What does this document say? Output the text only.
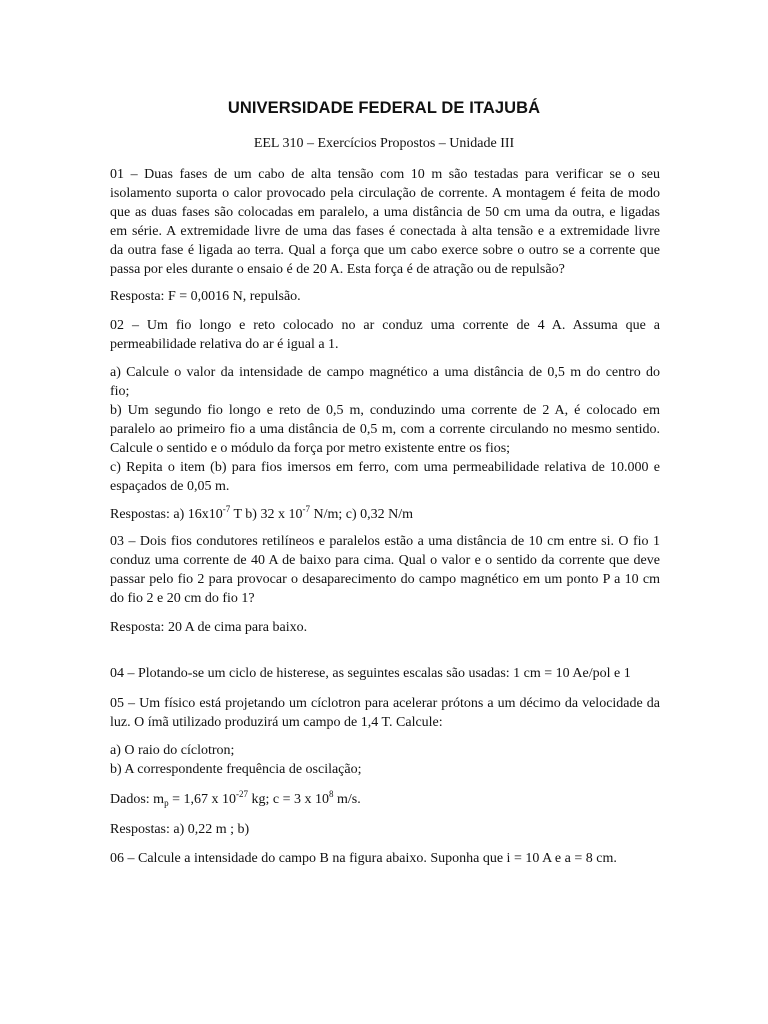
UNIVERSIDADE FEDERAL DE ITAJUBÁ
EEL 310 – Exercícios Propostos – Unidade III
01 – Duas fases de um cabo de alta tensão com 10 m são testadas para verificar se o seu
isolamento suporta o calor provocado pela circulação de corrente. A montagem é feita de modo
que as duas fases são colocadas em paralelo, a uma distância de 50 cm uma da outra, e ligadas
em série. A extremidade livre de uma das fases é conectada à alta tensão e a extremidade livre
da outra fase é ligada ao terra. Qual a força que um cabo exerce sobre o outro se a corrente que
passa por eles durante o ensaio é de 20 A. Esta força é de atração ou de repulsão?
Resposta: F = 0,0016 N, repulsão.
02 – Um fio longo e reto colocado no ar conduz uma corrente de 4 A. Assuma que a
permeabilidade relativa do ar é igual a 1.
a) Calcule o valor da intensidade de campo magnético a uma distância de 0,5 m do centro do
fio;
b) Um segundo fio longo e reto de 0,5 m, conduzindo uma corrente de 2 A, é colocado em
paralelo ao primeiro fio a uma distância de 0,5 m, com a corrente circulando no mesmo sentido.
Calcule o sentido e o módulo da força por metro existente entre os fios;
c) Repita o item (b) para fios imersos em ferro, com uma permeabilidade relativa de 10.000 e
espaçados de 0,05 m.
Respostas: a) $16x10^{-7}$ T b) 32 x $10^{-7}$ N/m; c) 0,32 N/m
03 – Dois fios condutores retilíneos e paralelos estão a uma distância de 10 cm entre si. O fio 1
conduz uma corrente de 40 A de baixo para cima. Qual o valor e o sentido da corrente que deve
passar pelo fio 2 para provocar o desaparecimento do campo magnético em um ponto P a 10 cm
do fio 2 e 20 cm do fio 1?
Resposta: 20 A de cima para baixo.
04 – Plotando-se um ciclo de histerese, as seguintes escalas são usadas: 1 cm = 10 Ae/pol e 1
05 – Um físico está projetando um cíclotron para acelerar prótons a um décimo da velocidade da
luz. O ímã utilizado produzirá um campo de 1,4 T. Calcule:
a) O raio do cíclotron;
b) A correspondente frequência de oscilação;
Dados: $m_p = 1,67$ x $10^{-27}$ kg; c = 3 x $10^8$ m/s.
Respostas: a) 0,22 m ; b)
06 – Calcule a intensidade do campo B na figura abaixo. Suponha que i = 10 A e a = 8 cm.
